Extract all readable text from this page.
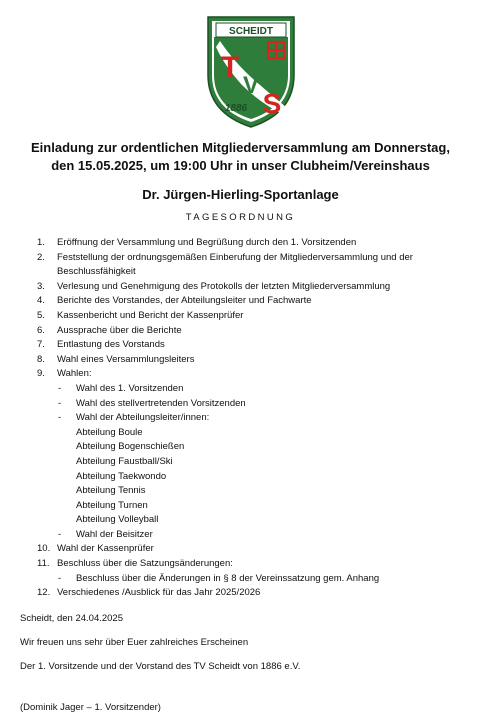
SCHEIDT
T
V
S
1886

Einladung zur ordentlichen Mitgliederversammlung am Donnerstag, den 15.05.2025, um 19:00 Uhr in unser Clubheim/Vereinshaus

Dr. Jürgen-Hierling-Sportanlage

TAGESORDNUNG

1. Eröffnung der Versammlung und Begrüßung durch den 1. Vorsitzenden
2. Feststellung der ordnungsgemäßen Einberufung der Mitgliederversammlung und der Beschlussfähigkeit
3. Verlesung und Genehmigung des Protokolls der letzten Mitgliederversammlung
4. Berichte des Vorstandes, der Abteilungsleiter und Fachwarte
5. Kassenbericht und Bericht der Kassenprüfer
6. Aussprache über die Berichte
7. Entlastung des Vorstands
8. Wahl eines Versammlungsleiters
9. Wahlen:
- Wahl des 1. Vorsitzenden
- Wahl des stellvertretenden Vorsitzenden
- Wahl der Abteilungsleiter/innen:
Abteilung Boule
Abteilung Bogenschießen
Abteilung Faustball/Ski
Abteilung Taekwondo
Abteilung Tennis
Abteilung Turnen
Abteilung Volleyball
- Wahl der Beisitzer
10. Wahl der Kassenprüfer
11. Beschluss über die Satzungsänderungen:
- Beschluss über die Änderungen in § 8 der Vereinssatzung gem. Anhang
12. Verschiedenes /Ausblick für das Jahr 2025/2026

Scheidt, den 24.04.2025

Wir freuen uns sehr über Euer zahlreiches Erscheinen

Der 1. Vorsitzende und der Vorstand des TV Scheidt von 1886 e.V.

(Dominik Jager – 1. Vorsitzender)
